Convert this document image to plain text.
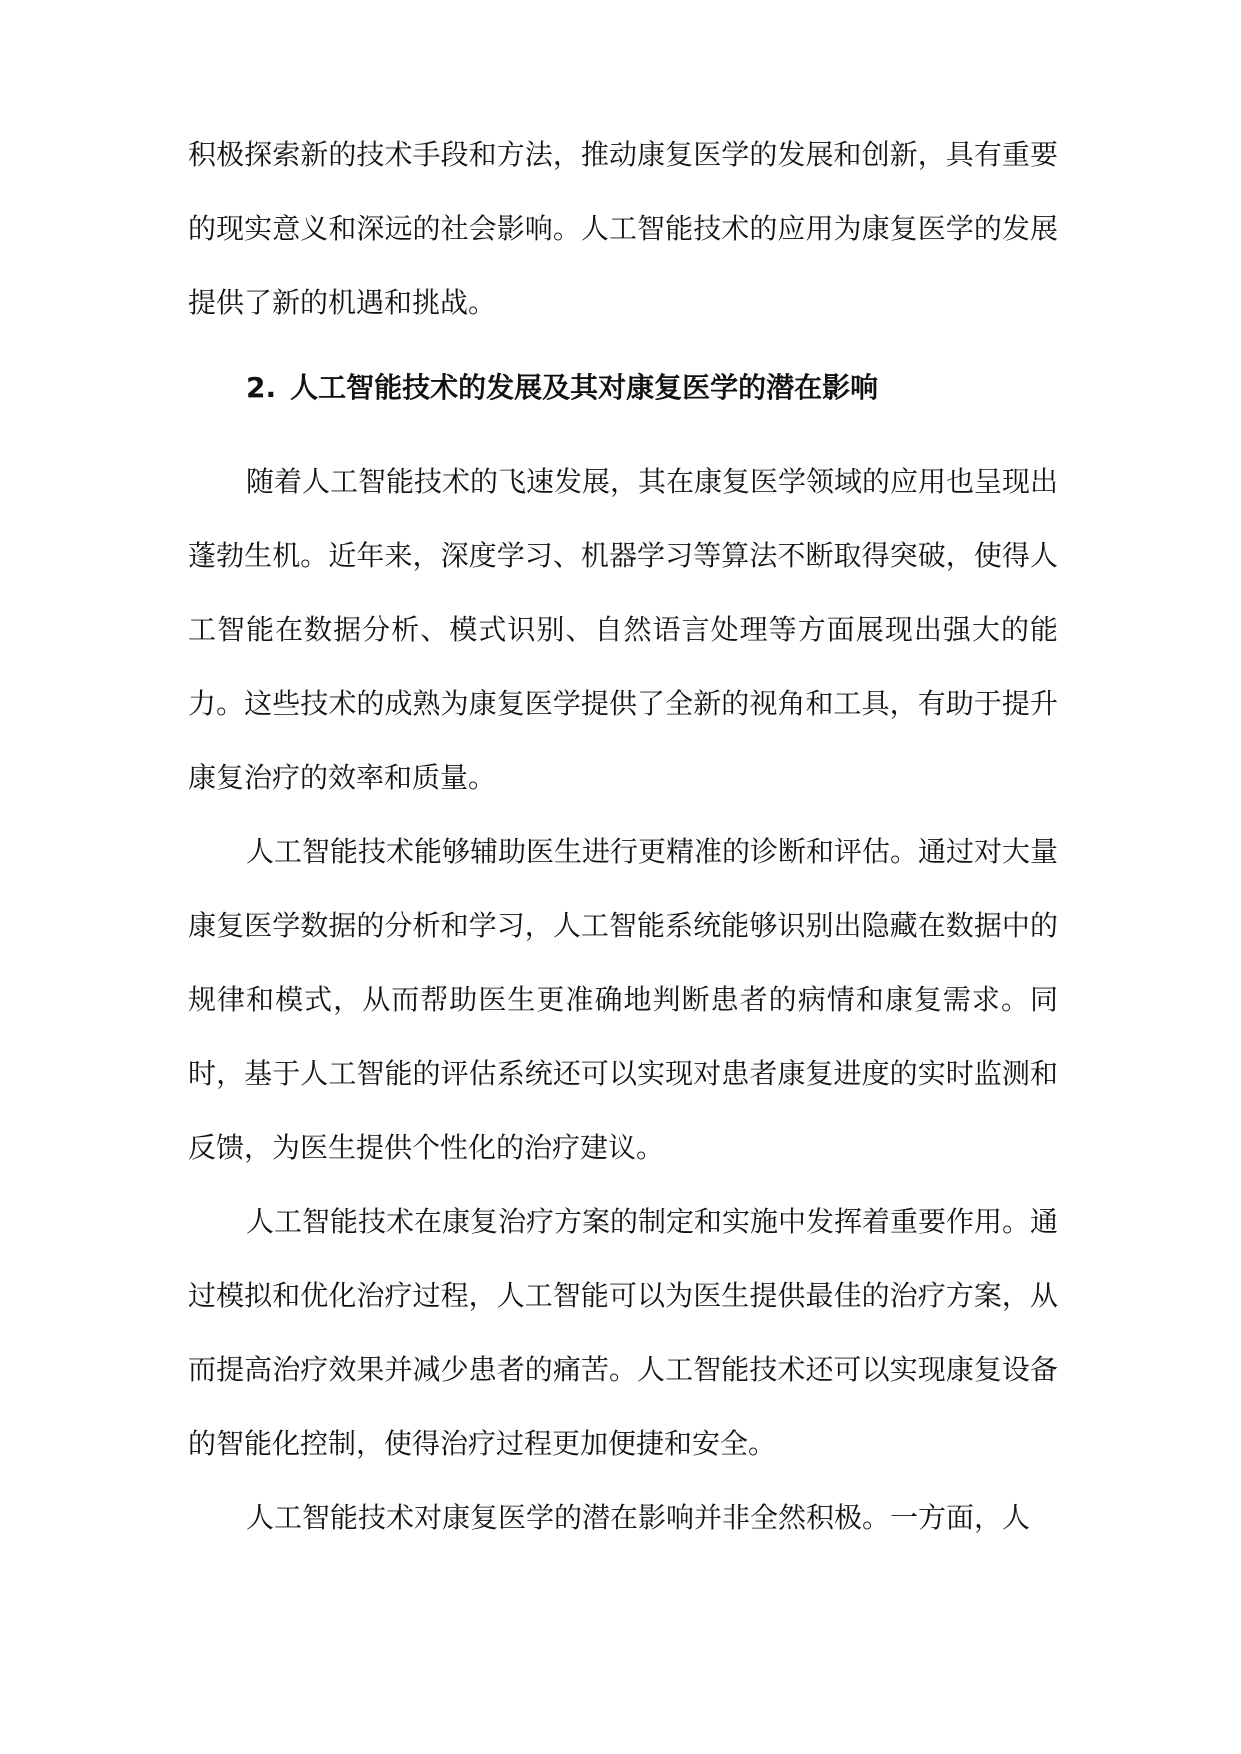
积极探索新的技术手段和方法，推动康复医学的发展和创新，具有重要的现实意义和深远的社会影响。人工智能技术的应用为康复医学的发展提供了新的机遇和挑战。

2. 人工智能技术的发展及其对康复医学的潜在影响

随着人工智能技术的飞速发展，其在康复医学领域的应用也呈现出蓬勃生机。近年来，深度学习、机器学习等算法不断取得突破，使得人工智能在数据分析、模式识别、自然语言处理等方面展现出强大的能力。这些技术的成熟为康复医学提供了全新的视角和工具，有助于提升康复治疗的效率和质量。

人工智能技术能够辅助医生进行更精准的诊断和评估。通过对大量康复医学数据的分析和学习，人工智能系统能够识别出隐藏在数据中的规律和模式，从而帮助医生更准确地判断患者的病情和康复需求。同时，基于人工智能的评估系统还可以实现对患者康复进度的实时监测和反馈，为医生提供个性化的治疗建议。

人工智能技术在康复治疗方案的制定和实施中发挥着重要作用。通过模拟和优化治疗过程，人工智能可以为医生提供最佳的治疗方案，从而提高治疗效果并减少患者的痛苦。人工智能技术还可以实现康复设备的智能化控制，使得治疗过程更加便捷和安全。

人工智能技术对康复医学的潜在影响并非全然积极。一方面，人
